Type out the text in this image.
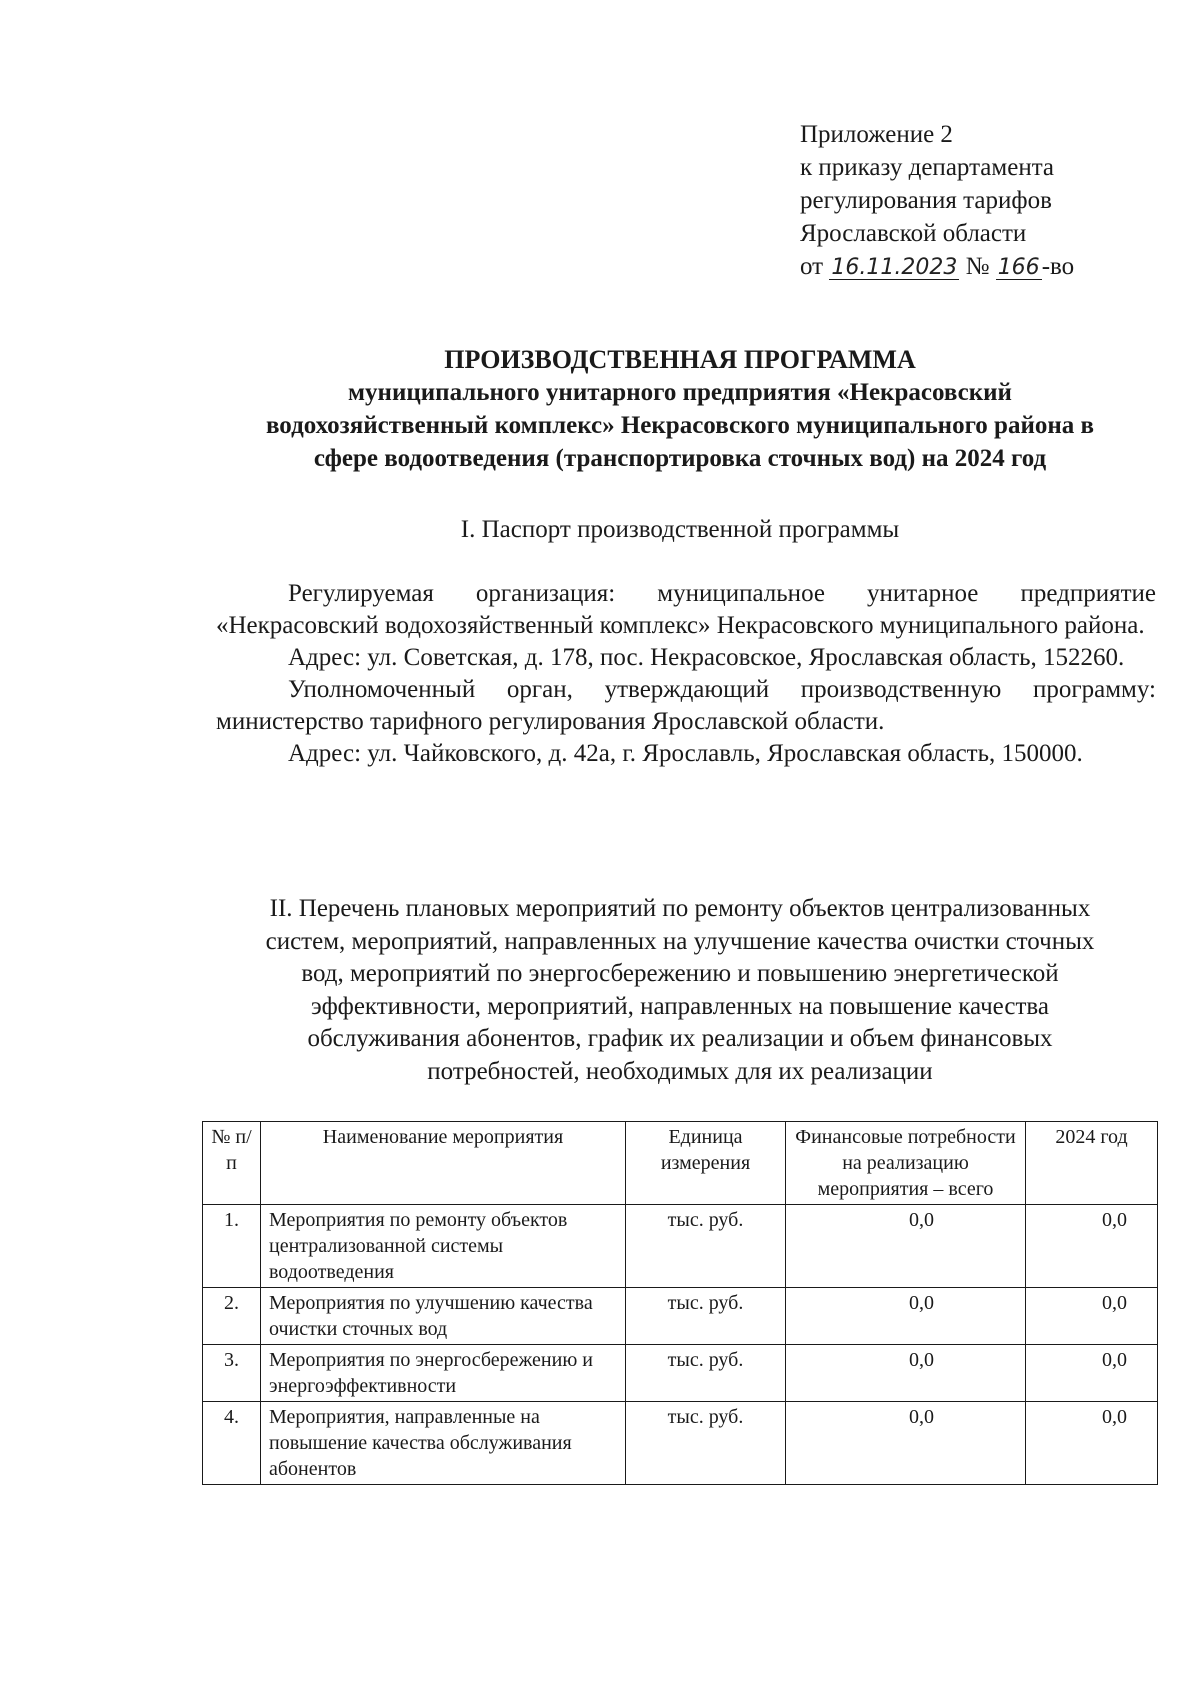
Приложение 2
к приказу департамента
регулирования тарифов
Ярославской области
от 16.11.2023 № 166-во
ПРОИЗВОДСТВЕННАЯ ПРОГРАММА
муниципального унитарного предприятия «Некрасовский
водохозяйственный комплекс» Некрасовского муниципального района в
сфере водоотведения (транспортировка сточных вод) на 2024 год
I. Паспорт производственной программы

Регулируемая организация: муниципальное унитарное предприятие «Некрасовский водохозяйственный комплекс» Некрасовского муниципального района.

Адрес: ул. Советская, д. 178, пос. Некрасовское, Ярославская область, 152260.

Уполномоченный орган, утверждающий производственную программу: министерство тарифного регулирования Ярославской области.

Адрес: ул. Чайковского, д. 42а, г. Ярославль, Ярославская область, 150000.

II. Перечень плановых мероприятий по ремонту объектов централизованных
систем, мероприятий, направленных на улучшение качества очистки сточных
вод, мероприятий по энергосбережению и повышению энергетической
эффективности, мероприятий, направленных на повышение качества
обслуживания абонентов, график их реализации и объем финансовых
потребностей, необходимых для их реализации
№ п/п	Наименование мероприятия	Единица измерения	Финансовые потребности на реализацию мероприятия – всего	2024 год
1.	Мероприятия по ремонту объектов централизованной системы водоотведения	тыс. руб.	0,0	0,0
2.	Мероприятия по улучшению качества очистки сточных вод	тыс. руб.	0,0	0,0
3.	Мероприятия по энергосбережению и энергоэффективности	тыс. руб.	0,0	0,0
4.	Мероприятия, направленные на повышение качества обслуживания абонентов	тыс. руб.	0,0	0,0
